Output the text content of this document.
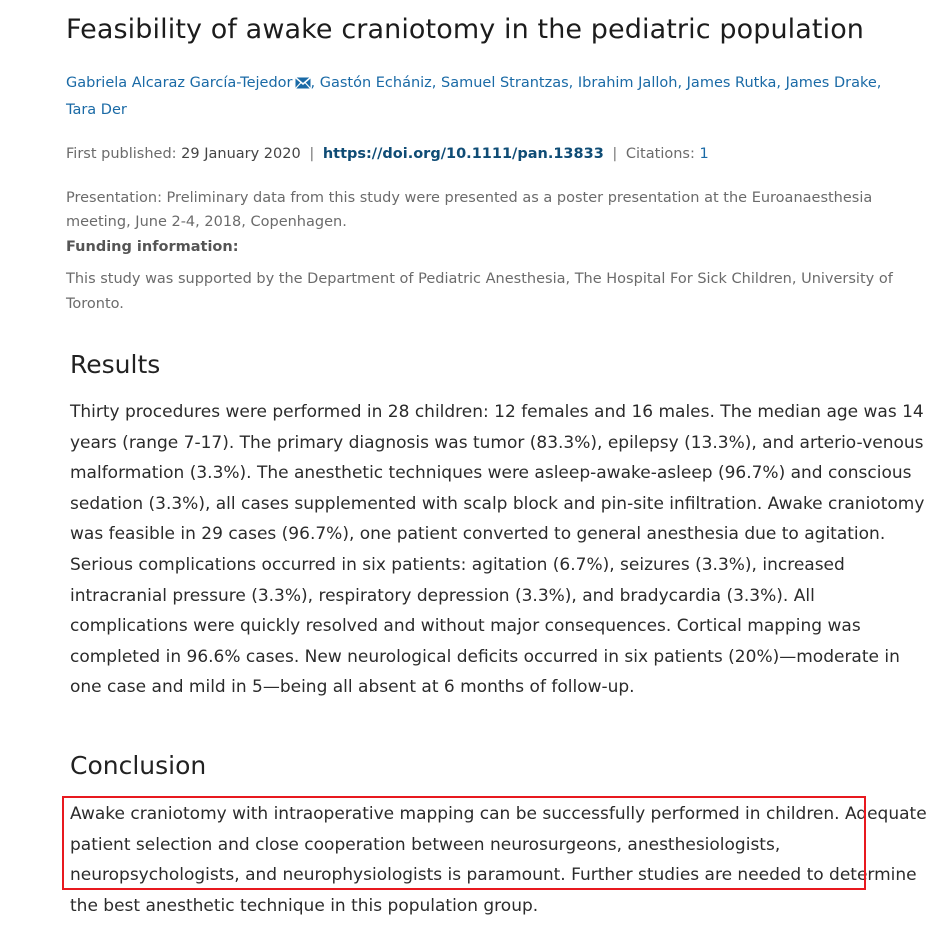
Feasibility of awake craniotomy in the pediatric population
Gabriela Alcaraz García-Tejedor , Gastón Echániz, Samuel Strantzas, Ibrahim Jalloh, James Rutka, James Drake, Tara Der
First published: 29 January 2020 | https://doi.org/10.1111/pan.13833 | Citations: 1
Presentation: Preliminary data from this study were presented as a poster presentation at the Euroanaesthesia meeting, June 2-4, 2018, Copenhagen.
Funding information:
This study was supported by the Department of Pediatric Anesthesia, The Hospital For Sick Children, University of Toronto.
Results

Thirty procedures were performed in 28 children: 12 females and 16 males. The median age was 14 years (range 7-17). The primary diagnosis was tumor (83.3%), epilepsy (13.3%), and arterio-venous malformation (3.3%). The anesthetic techniques were asleep-awake-asleep (96.7%) and conscious sedation (3.3%), all cases supplemented with scalp block and pin-site infiltration. Awake craniotomy was feasible in 29 cases (96.7%), one patient converted to general anesthesia due to agitation. Serious complications occurred in six patients: agitation (6.7%), seizures (3.3%), increased intracranial pressure (3.3%), respiratory depression (3.3%), and bradycardia (3.3%). All complications were quickly resolved and without major consequences. Cortical mapping was completed in 96.6% cases. New neurological deficits occurred in six patients (20%)—moderate in one case and mild in 5—being all absent at 6 months of follow-up.

Conclusion

Awake craniotomy with intraoperative mapping can be successfully performed in children. Adequate patient selection and close cooperation between neurosurgeons, anesthesiologists, neuropsychologists, and neurophysiologists is paramount. Further studies are needed to determine the best anesthetic technique in this population group.
